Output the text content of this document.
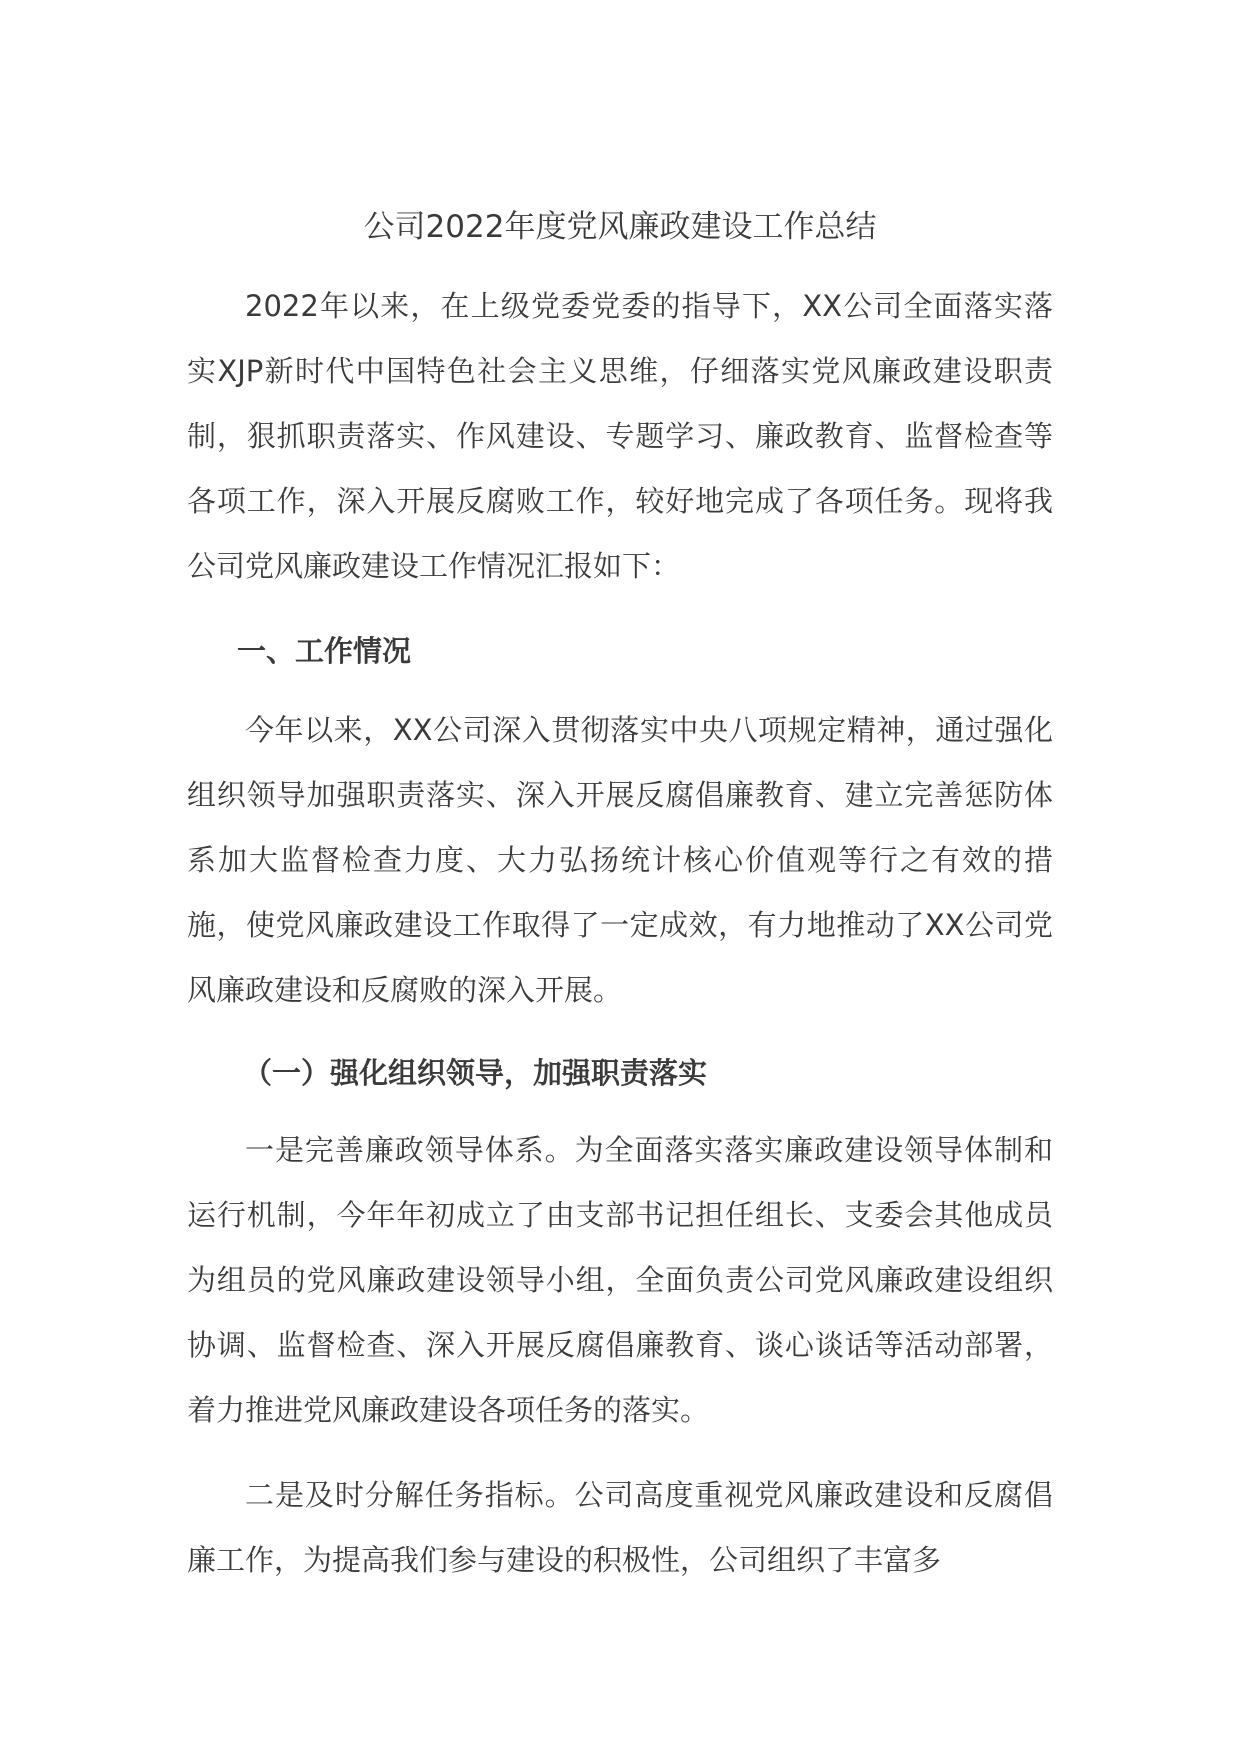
公司2022年度党风廉政建设工作总结

2022年以来，在上级党委党委的指导下，XX公司全面落实落实XJP新时代中国特色社会主义思维，仔细落实党风廉政建设职责制，狠抓职责落实、作风建设、专题学习、廉政教育、监督检查等各项工作，深入开展反腐败工作，较好地完成了各项任务。现将我公司党风廉政建设工作情况汇报如下：

一、工作情况

今年以来，XX公司深入贯彻落实中央八项规定精神，通过强化组织领导加强职责落实、深入开展反腐倡廉教育、建立完善惩防体系加大监督检查力度、大力弘扬统计核心价值观等行之有效的措施，使党风廉政建设工作取得了一定成效，有力地推动了XX公司党风廉政建设和反腐败的深入开展。

（一）强化组织领导，加强职责落实

一是完善廉政领导体系。为全面落实落实廉政建设领导体制和运行机制，今年年初成立了由支部书记担任组长、支委会其他成员为组员的党风廉政建设领导小组，全面负责公司党风廉政建设组织协调、监督检查、深入开展反腐倡廉教育、谈心谈话等活动部署，着力推进党风廉政建设各项任务的落实。

二是及时分解任务指标。公司高度重视党风廉政建设和反腐倡廉工作，为提高我们参与建设的积极性，公司组织了丰富多
